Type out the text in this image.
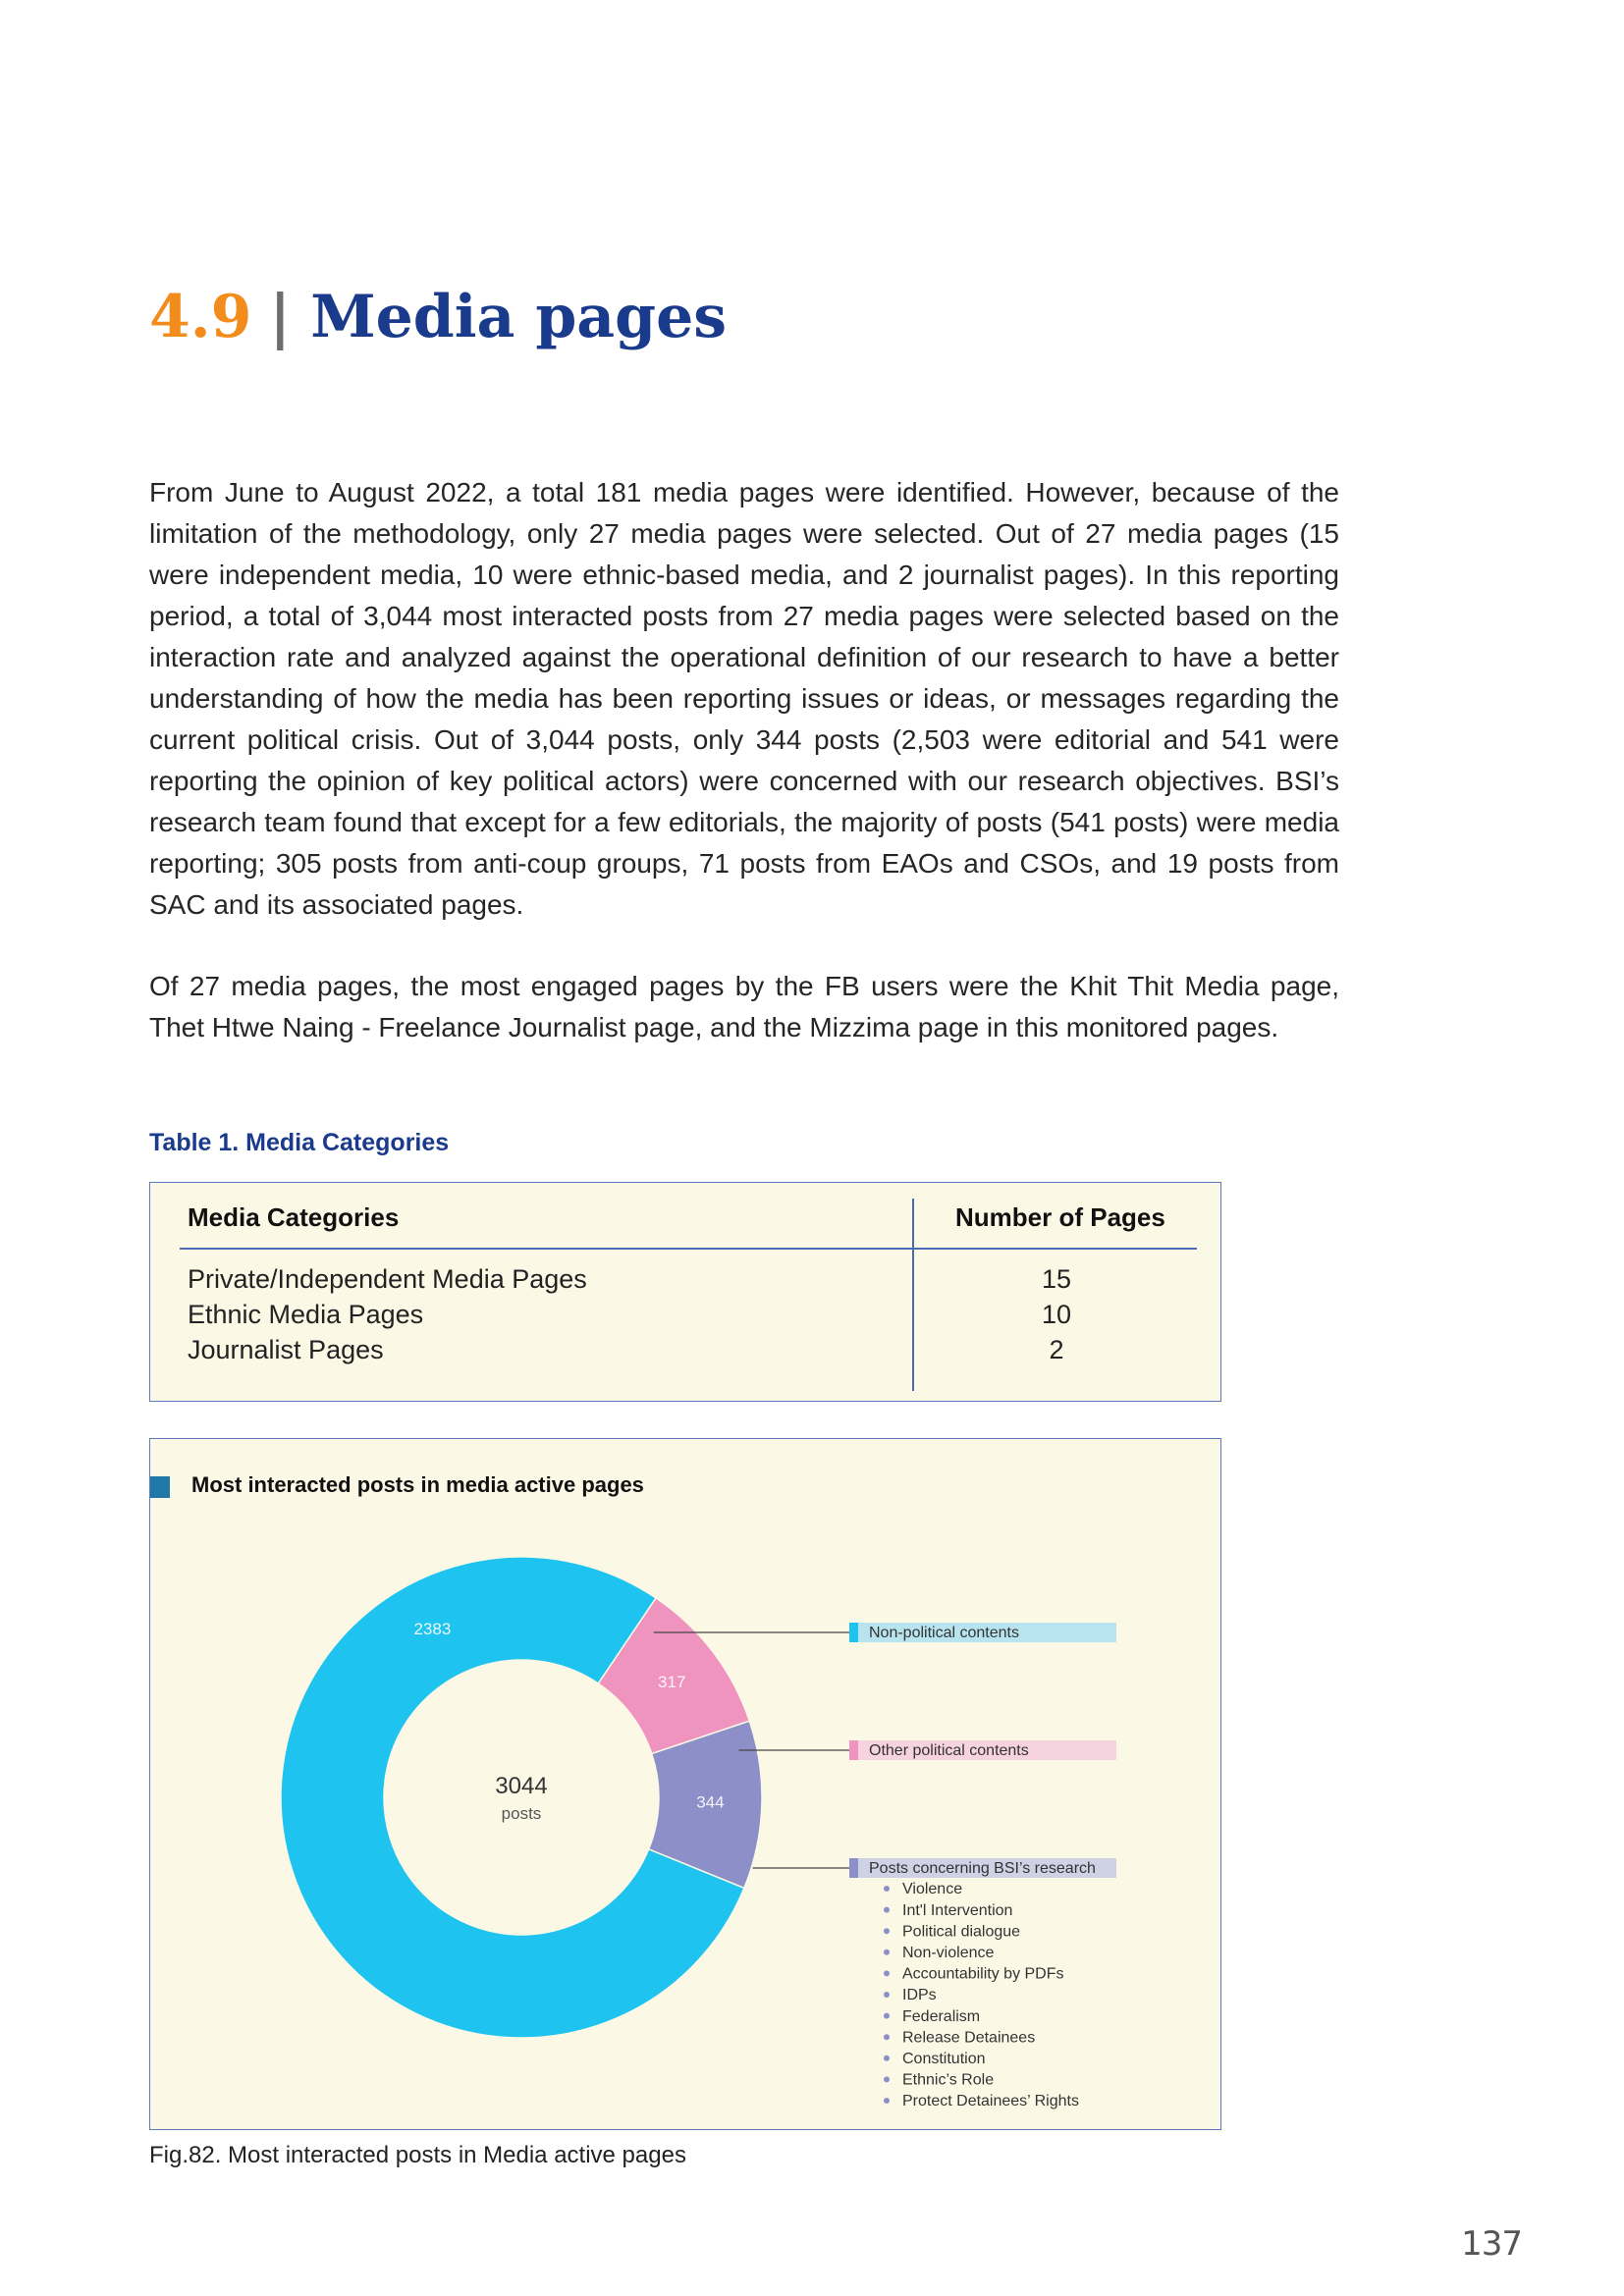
4.9 | Media pages

From June to August 2022, a total 181 media pages were identified. However, because of the limitation of the methodology, only 27 media pages were selected. Out of 27 media pages (15 were independent media, 10 were ethnic-based media, and 2 journalist pages). In this reporting period, a total of 3,044 most interacted posts from 27 media pages were selected based on the interaction rate and analyzed against the operational definition of our research to have a better understanding of how the media has been reporting issues or ideas, or messages regarding the current political crisis. Out of 3,044 posts, only 344 posts (2,503 were editorial and 541 were reporting the opinion of key political actors) were concerned with our research objectives. BSI’s research team found that except for a few editorials, the majority of posts (541 posts) were media reporting; 305 posts from anti-coup groups, 71 posts from EAOs and CSOs, and 19 posts from SAC and its associated pages.

Of 27 media pages, the most engaged pages by the FB users were the Khit Thit Media page, Thet Htwe Naing - Freelance Journalist page, and the Mizzima page in this monitored pages.

Table 1. Media Categories
Media Categories	Number of Pages
Private/Independent Media Pages
Ethnic Media Pages
Journalist Pages
15
10
2
Most interacted posts in media active pages
317
344
2383
3044
posts
Non-political contents
Other political contents
Posts concerning BSI’s research
Violence
Int'l Intervention
Political dialogue
Non-violence
Accountability by PDFs
IDPs
Federalism
Release Detainees
Constitution
Ethnic’s Role
Protect Detainees’ Rights
Fig.82. Most interacted posts in Media active pages
137
